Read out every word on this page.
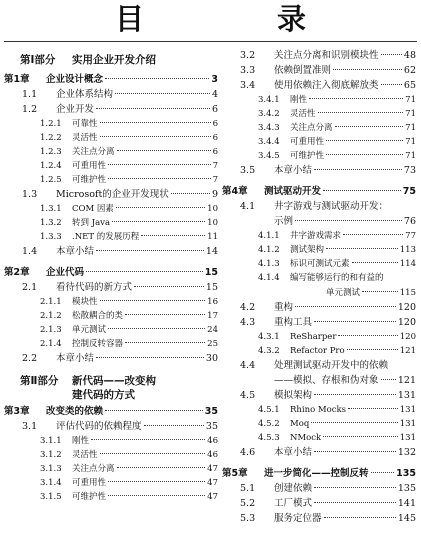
目　录
第Ⅰ部分 实用企业开发介绍
第1章	企业设计概念	3
1.1	企业体系结构	4
1.2	企业开发	6
1.2.1	可靠性	6
1.2.2	灵活性	6
1.2.3	关注点分离	6
1.2.4	可重用性	7
1.2.5	可维护性	7
1.3	Microsoft的企业开发现状	9
1.3.1	COM 因素	10
1.3.2	转到 Java	10
1.3.3	.NET 的发展历程	11
1.4	本章小结	14
第2章	企业代码	15
2.1	看待代码的新方式	15
2.1.1	模块性	16
2.1.2	松散耦合的类	17
2.1.3	单元测试	24
2.1.4	控制反转容器	25
2.2	本章小结	30
第Ⅱ部分 新代码——改变构建代码的方式
第3章	改变类的依赖	35
3.1	评估代码的依赖程度	35
3.1.1	刚性	46
3.1.2	灵活性	46
3.1.3	关注点分离	47
3.1.4	可重用性	47
3.1.5	可维护性	47
3.2	关注点分离和识别模块性	48
3.3	依赖倒置准则	62
3.4	使用依赖注入彻底解放类	65
3.4.1	刚性	71
3.4.2	灵活性	71
3.4.3	关注点分离	71
3.4.4	可重用性	71
3.4.5	可维护性	71
3.5	本章小结	73
第4章	测试驱动开发	75
4.1	井字游戏与测试驱动开发：
示例	76
4.1.1	井字游戏需求	77
4.1.2	测试架构	113
4.1.3	标识可测试元素	114
4.1.4	编写能够运行的和有益的
单元测试	115
4.2	重构	120
4.3	重构工具	120
4.3.1	ReSharper	120
4.3.2	Refactor Pro	121
4.4	处理测试驱动开发中的依赖
——模拟、存根和伪对象 121
4.5	模拟架构	131
4.5.1	Rhino Mocks	131
4.5.2	Moq	131
4.5.3	NMock	131
4.6	本章小结	132
第5章	进一步简化——控制反转	135
5.1	创建依赖	135
5.2	工厂模式	141
5.3	服务定位器	145
